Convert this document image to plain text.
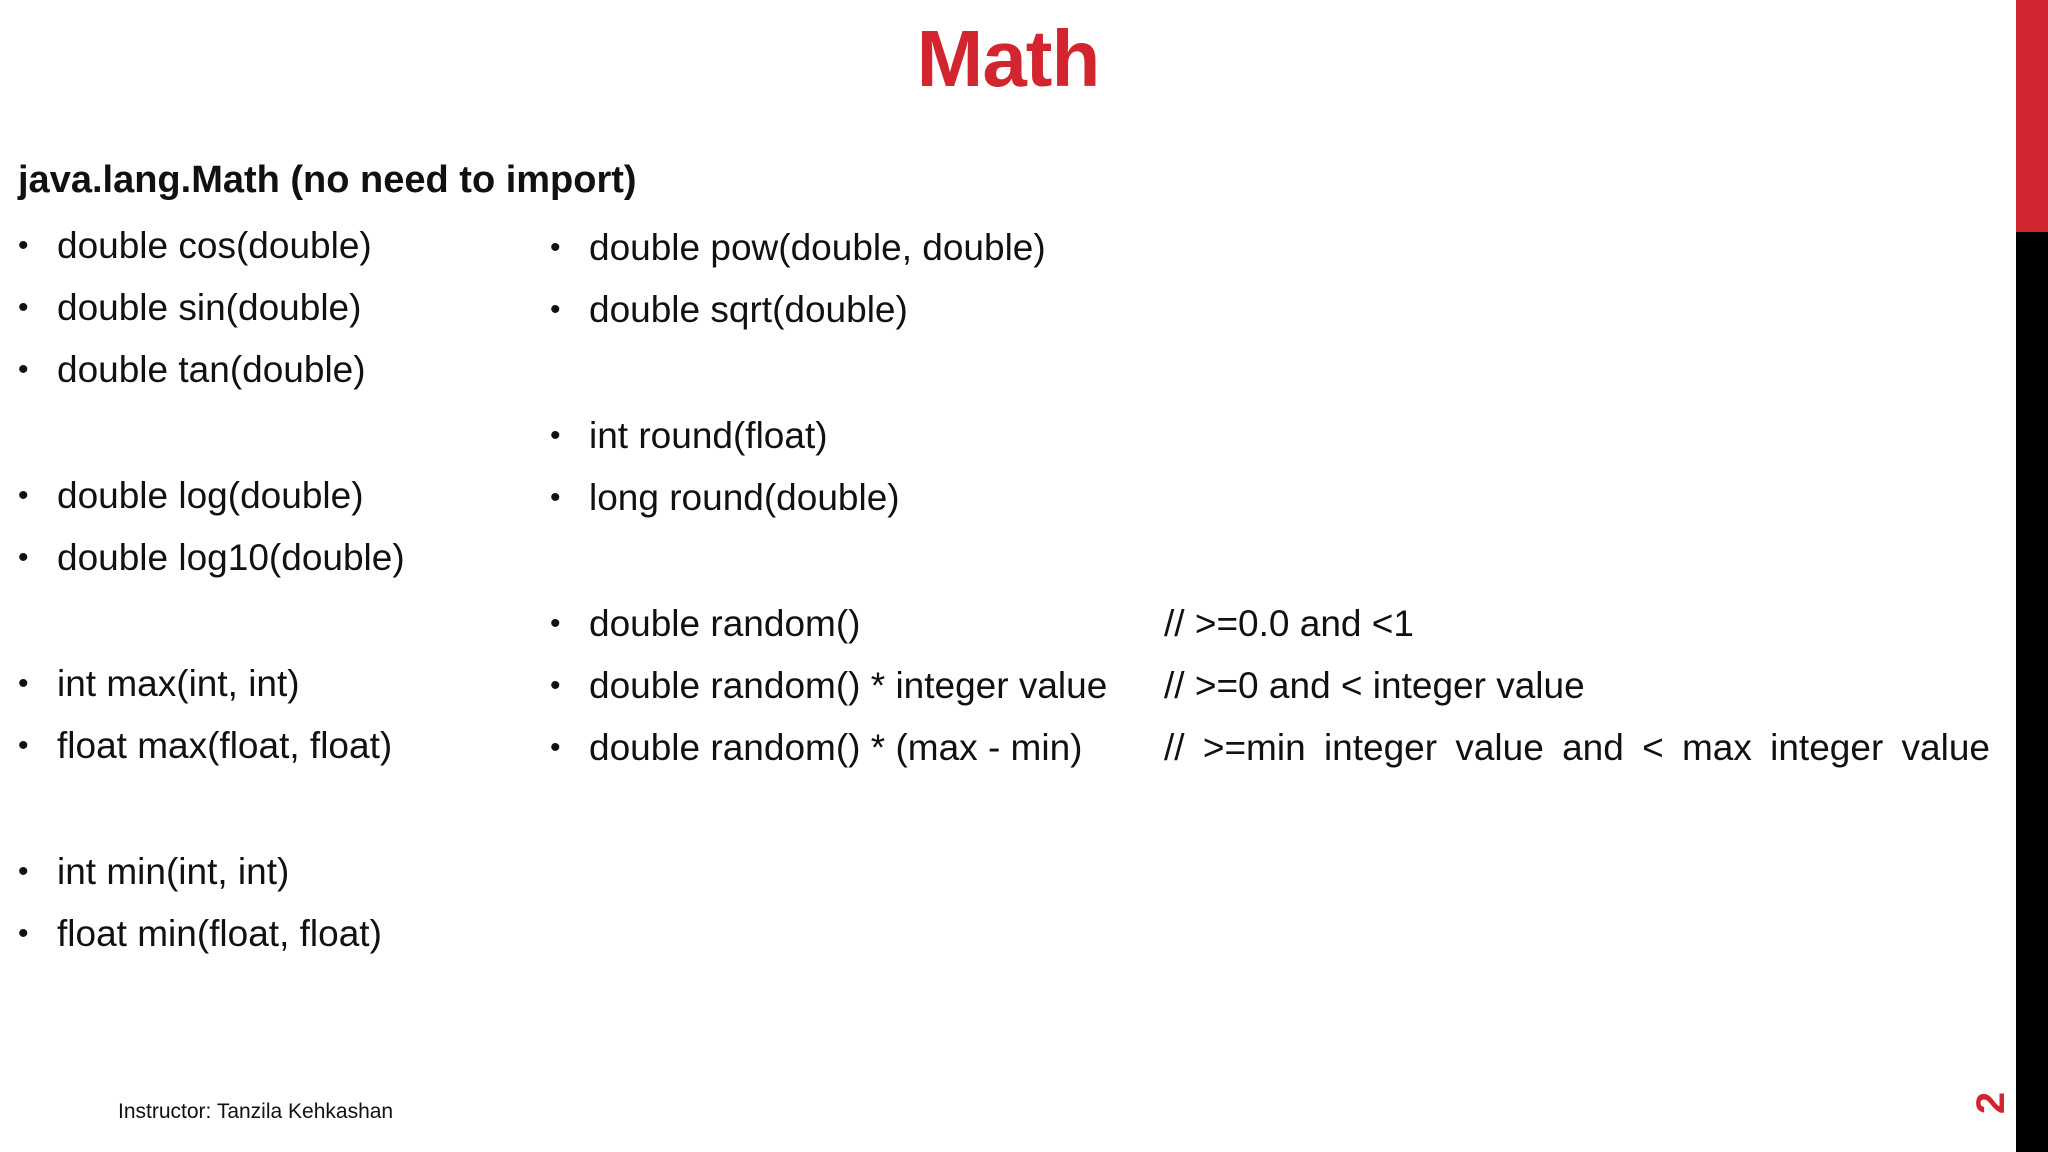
Math

java.lang.Math (no need to import)

• double cos(double)
• double sin(double)
• double tan(double)
• double log(double)
• double log10(double)
• int max(int, int)
• float max(float, float)
• int min(int, int)
• float min(float, float)
• double pow(double, double)
• double sqrt(double)
• int round(float)
• long round(double)
• double random()
• double random() * integer value
• double random() * (max - min)
// >=0.0 and <1
// >=0 and < integer value
// >=min integer value and < max integer value
Instructor: Tanzila Kehkashan	2
